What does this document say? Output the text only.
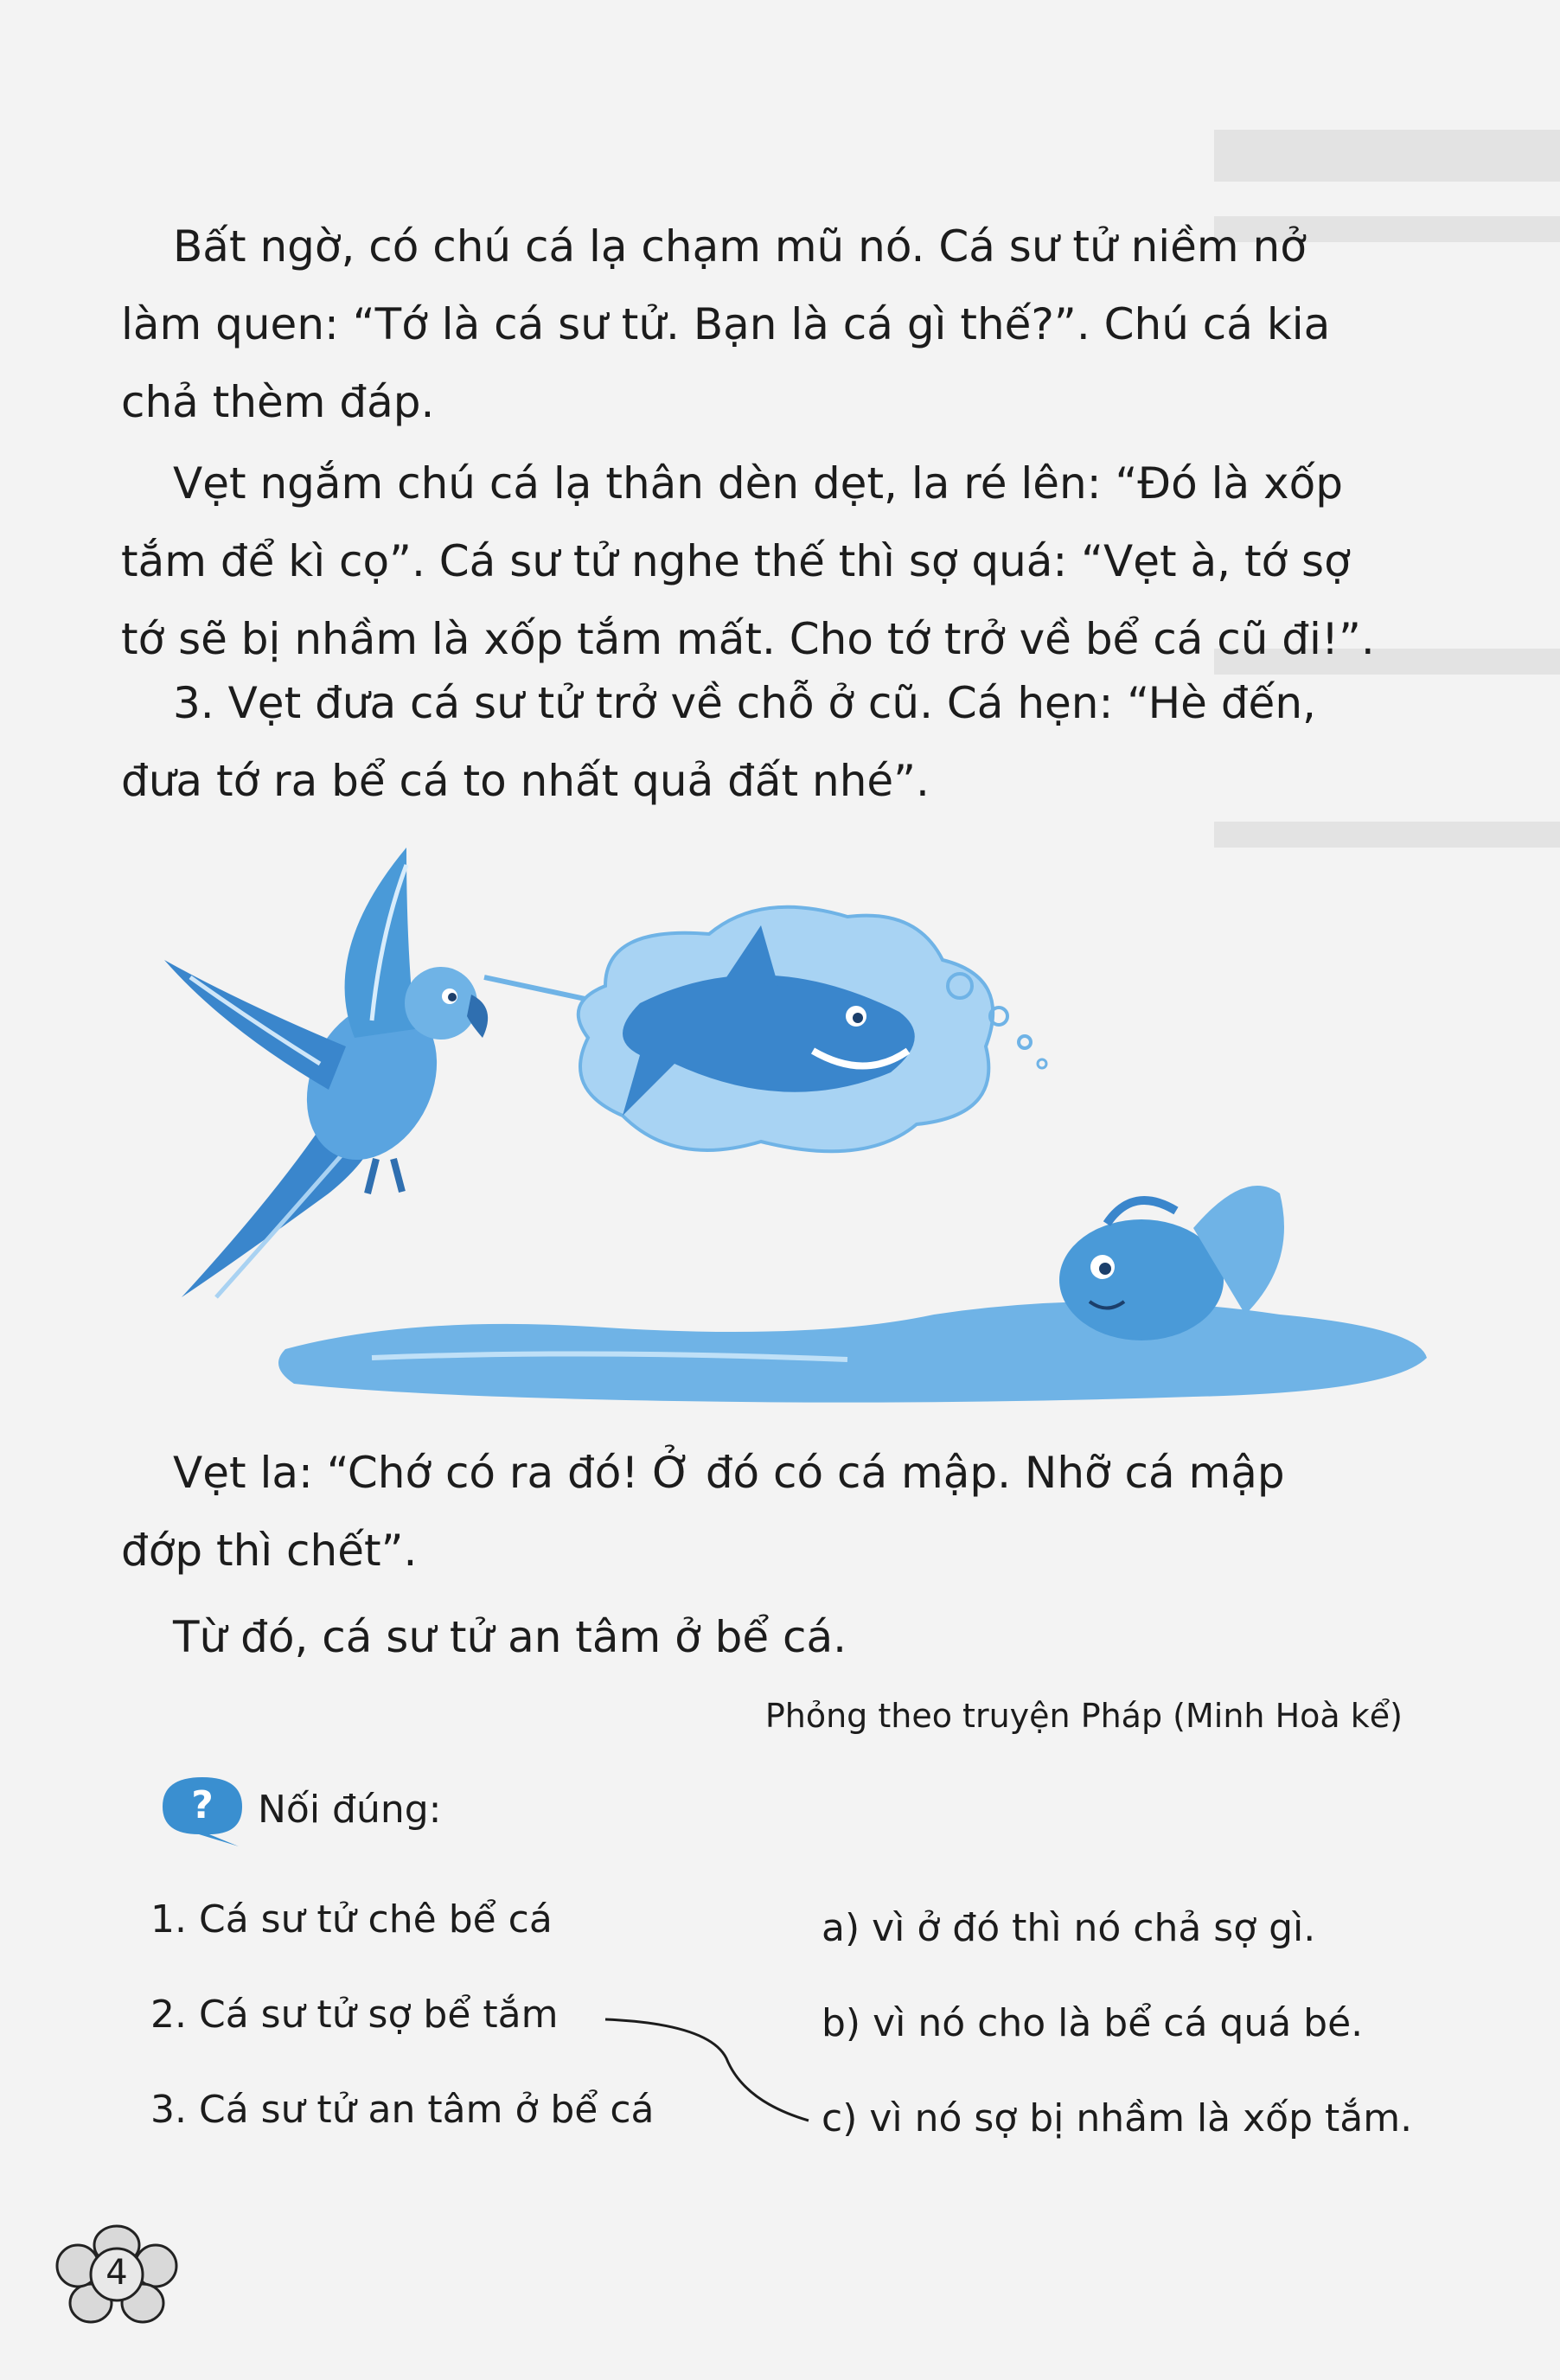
Bất ngờ, có chú cá lạ chạm mũ nó. Cá sư tử niềm nở
làm quen: “Tớ là cá sư tử. Bạn là cá gì thế?”. Chú cá kia
chả thèm đáp.

Vẹt ngắm chú cá lạ thân dèn dẹt, la ré lên: “Đó là xốp
tắm để kì cọ”. Cá sư tử nghe thế thì sợ quá: “Vẹt à, tớ sợ
tớ sẽ bị nhầm là xốp tắm mất. Cho tớ trở về bể cá cũ đi!”.

3. Vẹt đưa cá sư tử trở về chỗ ở cũ. Cá hẹn: “Hè đến,
đưa tớ ra bể cá to nhất quả đất nhé”.

Vẹt la: “Chớ có ra đó! Ở đó có cá mập. Nhỡ cá mập
đớp thì chết”.

Từ đó, cá sư tử an tâm ở bể cá.

Phỏng theo truyện Pháp (Minh Hoà kể)
?	Nối đúng:
1. Cá sư tử chê bể cá
2. Cá sư tử sợ bể tắm
3. Cá sư tử an tâm ở bể cá
a) vì ở đó thì nó chả sợ gì.
b) vì nó cho là bể cá quá bé.
c) vì nó sợ bị nhầm là xốp tắm.
4
